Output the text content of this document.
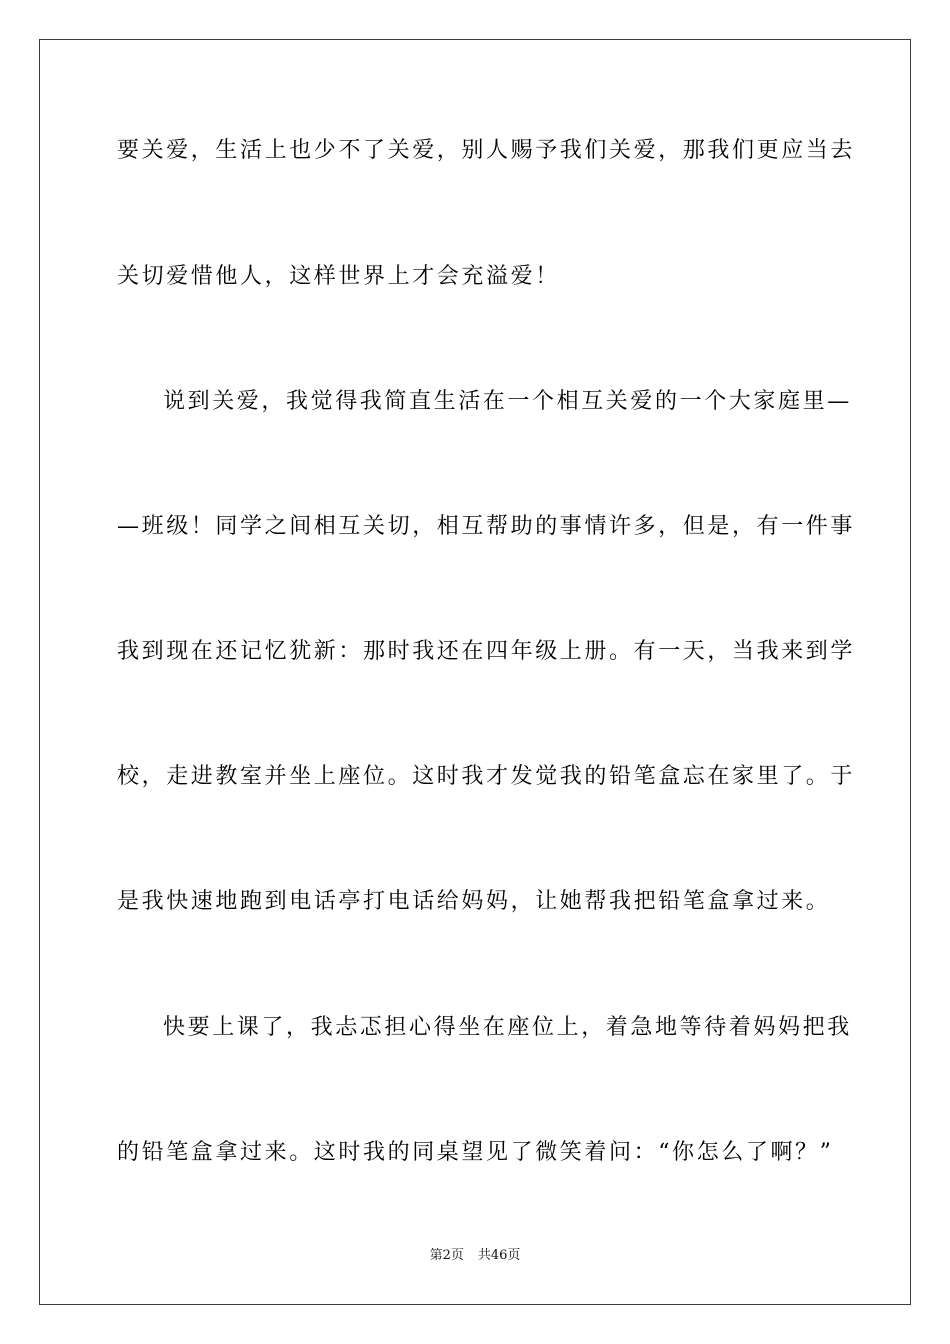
要关爱，生活上也少不了关爱，别人赐予我们关爱，那我们更应当去
关切爱惜他人，这样世界上才会充溢爱！
说到关爱，我觉得我简直生活在一个相互关爱的一个大家庭里—
—班级！同学之间相互关切，相互帮助的事情许多，但是，有一件事
我到现在还记忆犹新：那时我还在四年级上册。有一天，当我来到学
校，走进教室并坐上座位。这时我才发觉我的铅笔盒忘在家里了。于
是我快速地跑到电话亭打电话给妈妈，让她帮我把铅笔盒拿过来。
快要上课了，我忐忑担心得坐在座位上，着急地等待着妈妈把我
的铅笔盒拿过来。这时我的同桌望见了微笑着问：“你怎么了啊？”
第2页 共46页
